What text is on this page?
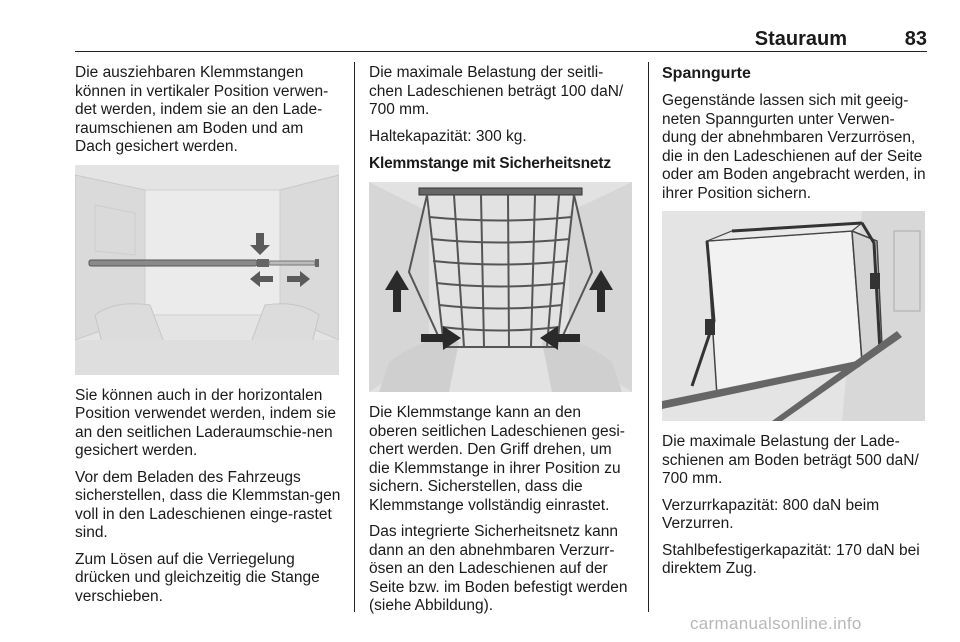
Stauraum	83

Die ausziehbaren Klemmstangen können in vertikaler Position verwen-det werden, indem sie an den Lade-raumschienen am Boden und am Dach gesichert werden.

Sie können auch in der horizontalen Position verwendet werden, indem sie an den seitlichen Laderaumschie-nen gesichert werden.

Vor dem Beladen des Fahrzeugs sicherstellen, dass die Klemmstan-gen voll in den Ladeschienen einge-rastet sind.

Zum Lösen auf die Verriegelung drücken und gleichzeitig die Stange verschieben.

Die maximale Belastung der seitli-chen Ladeschienen beträgt 100 daN/ 700 mm.

Haltekapazität: 300 kg.

Klemmstange mit Sicherheitsnetz

Die Klemmstange kann an den oberen seitlichen Ladeschienen gesi-chert werden. Den Griff drehen, um die Klemmstange in ihrer Position zu sichern. Sicherstellen, dass die Klemmstange vollständig einrastet.

Das integrierte Sicherheitsnetz kann dann an den abnehmbaren Verzurr-ösen an den Ladeschienen auf der Seite bzw. im Boden befestigt werden (siehe Abbildung).

Spanngurte

Gegenstände lassen sich mit geeig-neten Spanngurten unter Verwen-dung der abnehmbaren Verzurrösen, die in den Ladeschienen auf der Seite oder am Boden angebracht werden, in ihrer Position sichern.

Die maximale Belastung der Lade-schienen am Boden beträgt 500 daN/ 700 mm.

Verzurrkapazität: 800 daN beim Verzurren.

Stahlbefestigerkapazität: 170 daN bei direktem Zug.

carmanualsonline.info
